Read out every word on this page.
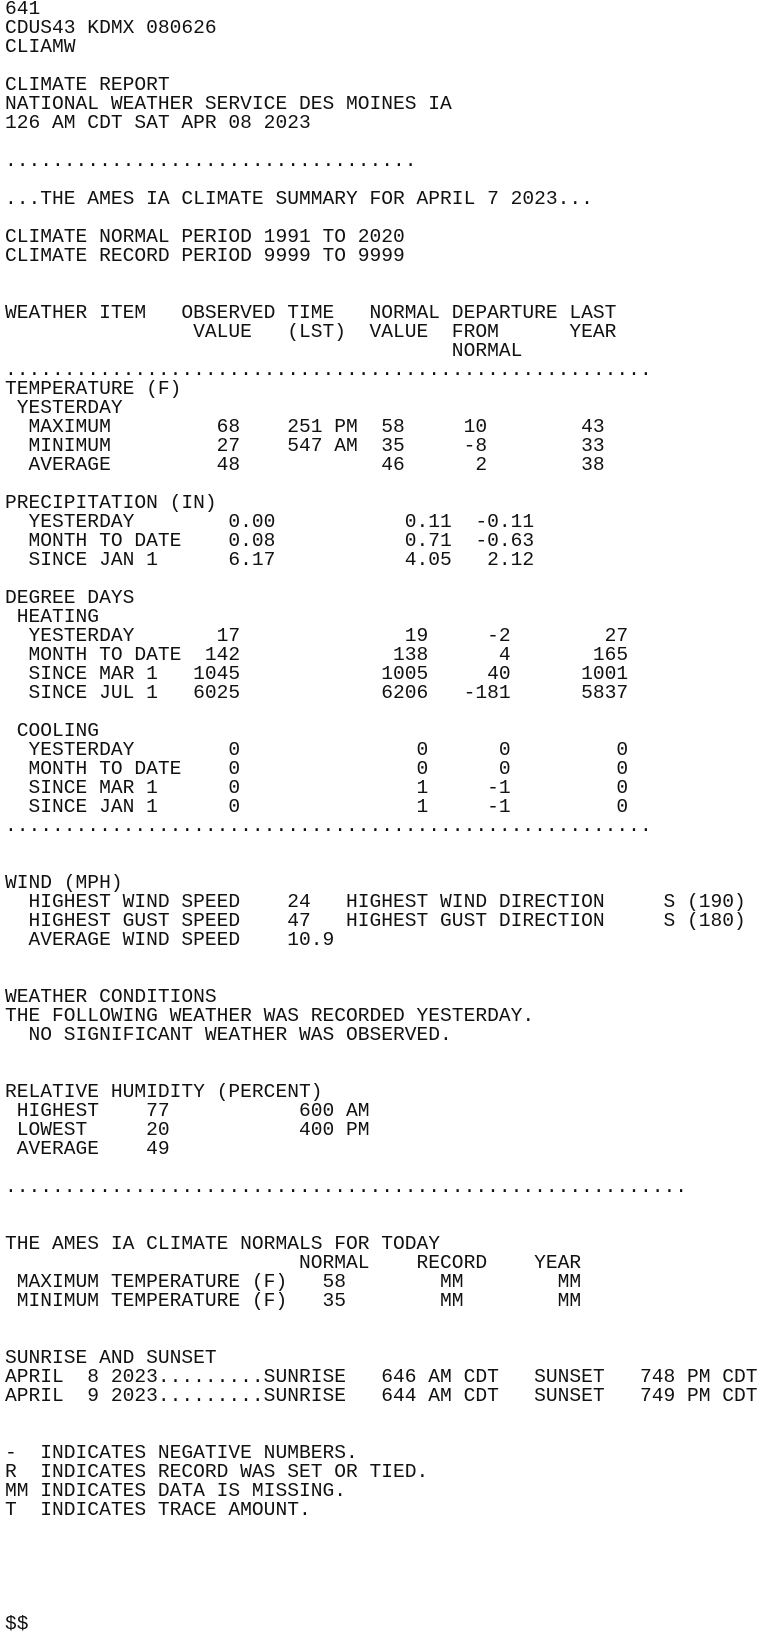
641
CDUS43 KDMX 080626
CLIAMW
CLIMATE REPORT
NATIONAL WEATHER SERVICE DES MOINES IA
126 AM CDT SAT APR 08 2023
...................................
...THE AMES IA CLIMATE SUMMARY FOR APRIL 7 2023...
CLIMATE NORMAL PERIOD 1991 TO 2020
CLIMATE RECORD PERIOD 9999 TO 9999
WEATHER ITEM   OBSERVED TIME   NORMAL DEPARTURE LAST
VALUE   (LST)  VALUE  FROM      YEAR
NORMAL
.......................................................
TEMPERATURE (F)
YESTERDAY
MAXIMUM         68    251 PM  58     10        43
MINIMUM         27    547 AM  35     -8        33
AVERAGE         48            46      2        38
PRECIPITATION (IN)
YESTERDAY        0.00           0.11  -0.11
MONTH TO DATE    0.08           0.71  -0.63
SINCE JAN 1      6.17           4.05   2.12
DEGREE DAYS
HEATING
YESTERDAY       17              19     -2        27
MONTH TO DATE  142             138      4       165
SINCE MAR 1   1045            1005     40      1001
SINCE JUL 1   6025            6206   -181      5837
COOLING
YESTERDAY        0               0      0         0
MONTH TO DATE    0               0      0         0
SINCE MAR 1      0               1     -1         0
SINCE JAN 1      0               1     -1         0
.......................................................
WIND (MPH)
HIGHEST WIND SPEED    24   HIGHEST WIND DIRECTION     S (190)
HIGHEST GUST SPEED    47   HIGHEST GUST DIRECTION     S (180)
AVERAGE WIND SPEED    10.9
WEATHER CONDITIONS
THE FOLLOWING WEATHER WAS RECORDED YESTERDAY.
NO SIGNIFICANT WEATHER WAS OBSERVED.
RELATIVE HUMIDITY (PERCENT)
HIGHEST    77           600 AM
LOWEST     20           400 PM
AVERAGE    49
..........................................................
THE AMES IA CLIMATE NORMALS FOR TODAY
NORMAL    RECORD    YEAR
MAXIMUM TEMPERATURE (F)   58        MM        MM
MINIMUM TEMPERATURE (F)   35        MM        MM
SUNRISE AND SUNSET
APRIL  8 2023.........SUNRISE   646 AM CDT   SUNSET   748 PM CDT
APRIL  9 2023.........SUNRISE   644 AM CDT   SUNSET   749 PM CDT
-  INDICATES NEGATIVE NUMBERS.
R  INDICATES RECORD WAS SET OR TIED.
MM INDICATES DATA IS MISSING.
T  INDICATES TRACE AMOUNT.
$$
